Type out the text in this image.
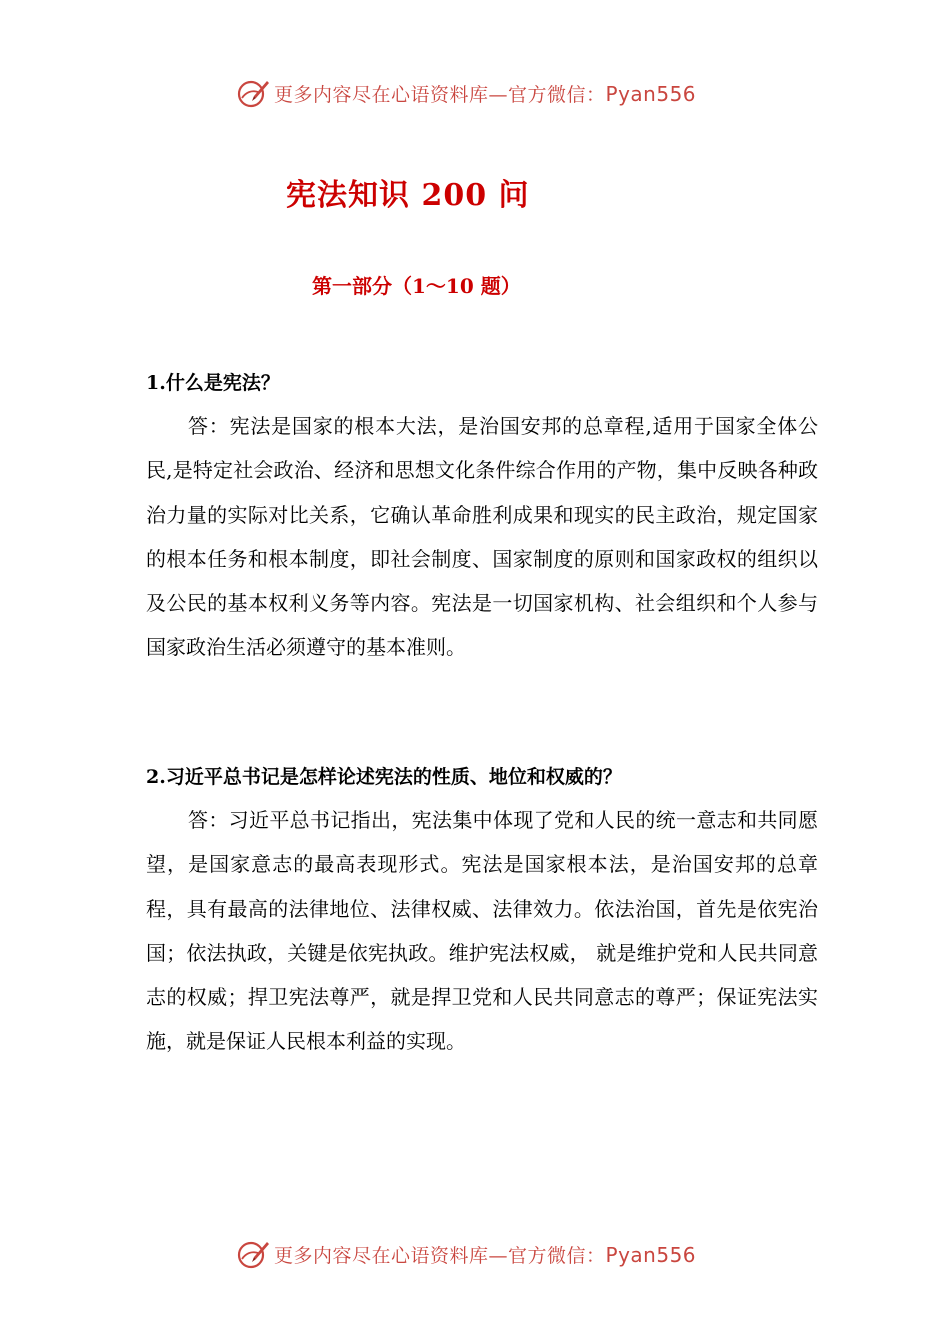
更多内容尽在心语资料库—官方微信：Pyan556
宪法知识 200 问
第一部分（1～10 题）

1.什么是宪法？

答：宪法是国家的根本大法，是治国安邦的总章程,适用于国家全体公民,是特定社会政治、经济和思想文化条件综合作用的产物，集中反映各种政治力量的实际对比关系，它确认革命胜利成果和现实的民主政治，规定国家的根本任务和根本制度，即社会制度、国家制度的原则和国家政权的组织以及公民的基本权利义务等内容。宪法是一切国家机构、社会组织和个人参与国家政治生活必须遵守的基本准则。

2.习近平总书记是怎样论述宪法的性质、地位和权威的？

答：习近平总书记指出，宪法集中体现了党和人民的统一意志和共同愿望，是国家意志的最高表现形式。宪法是国家根本法，是治国安邦的总章程，具有最高的法律地位、法律权威、法律效力。依法治国，首先是依宪治国；依法执政，关键是依宪执政。维护宪法权威， 就是维护党和人民共同意志的权威；捍卫宪法尊严，就是捍卫党和人民共同意志的尊严；保证宪法实施，就是保证人民根本利益的实现。

更多内容尽在心语资料库—官方微信：Pyan556
